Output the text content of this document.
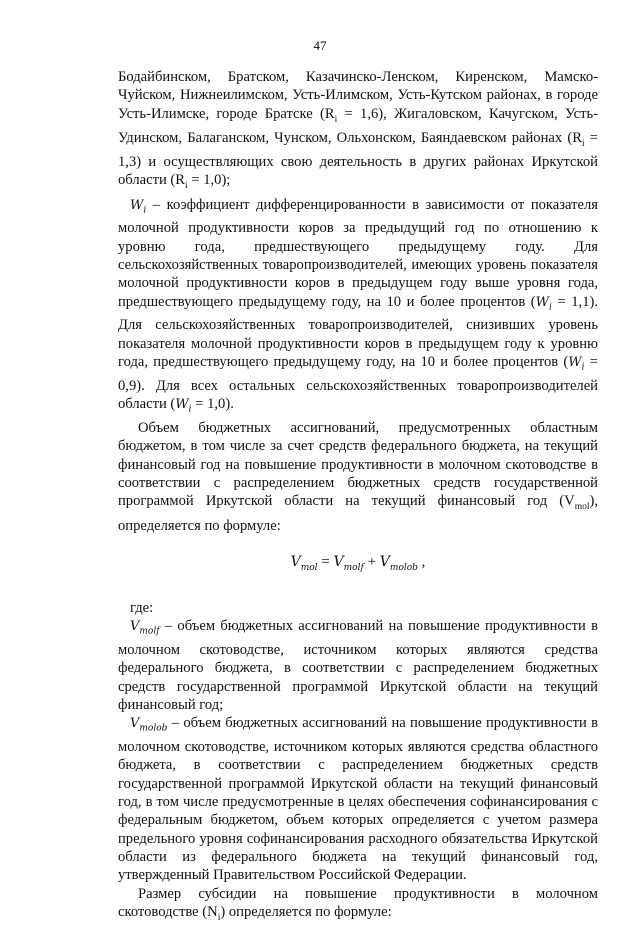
47

Бодайбинском, Братском, Казачинско-Ленском, Киренском, Мамско-Чуйском, Нижнеилимском, Усть-Илимском, Усть-Кутском районах, в городе Усть-Илимске, городе Братске $(R_i = 1,6)$, Жигаловском, Качугском, Усть-Удинском, Балаганском, Чунском, Ольхонском, Баяндаевском районах $(R_i = 1,3)$ и осуществляющих свою деятельность в других районах Иркутской области $(R_i = 1,0)$;

$W_i$ – коэффициент дифференцированности в зависимости от показателя молочной продуктивности коров за предыдущий год по отношению к уровню года, предшествующего предыдущему году. Для сельскохозяйственных товаропроизводителей, имеющих уровень показателя молочной продуктивности коров в предыдущем году выше уровня года, предшествующего предыдущему году, на 10 и более процентов $(W_i = 1,1)$. Для сельскохозяйственных товаропроизводителей, снизивших уровень показателя молочной продуктивности коров в предыдущем году к уровню года, предшествующего предыдущему году, на 10 и более процентов $(W_i = 0,9)$. Для всех остальных сельскохозяйственных товаропроизводителей области $(W_i = 1,0)$.

Объем бюджетных ассигнований, предусмотренных областным бюджетом, в том числе за счет средств федерального бюджета, на текущий финансовый год на повышение продуктивности в молочном скотоводстве в соответствии с распределением бюджетных средств государственной программой Иркутской области на текущий финансовый год $(V_{mol})$, определяется по формуле:

$V_{mol} = V_{molf} + V_{molob}$ ,

где:

$V_{molf}$ – объем бюджетных ассигнований на повышение продуктивности в молочном скотоводстве, источником которых являются средства федерального бюджета, в соответствии с распределением бюджетных средств государственной программой Иркутской области на текущий финансовый год;

$V_{molob}$ – объем бюджетных ассигнований на повышение продуктивности в молочном скотоводстве, источником которых являются средства областного бюджета, в соответствии с распределением бюджетных средств государственной программой Иркутской области на текущий финансовый год, в том числе предусмотренные в целях обеспечения софинансирования с федеральным бюджетом, объем которых определяется с учетом размера предельного уровня софинансирования расходного обязательства Иркутской области из федерального бюджета на текущий финансовый год, утвержденный Правительством Российской Федерации.

Размер субсидии на повышение продуктивности в молочном скотоводстве $(N_i)$ определяется по формуле:
